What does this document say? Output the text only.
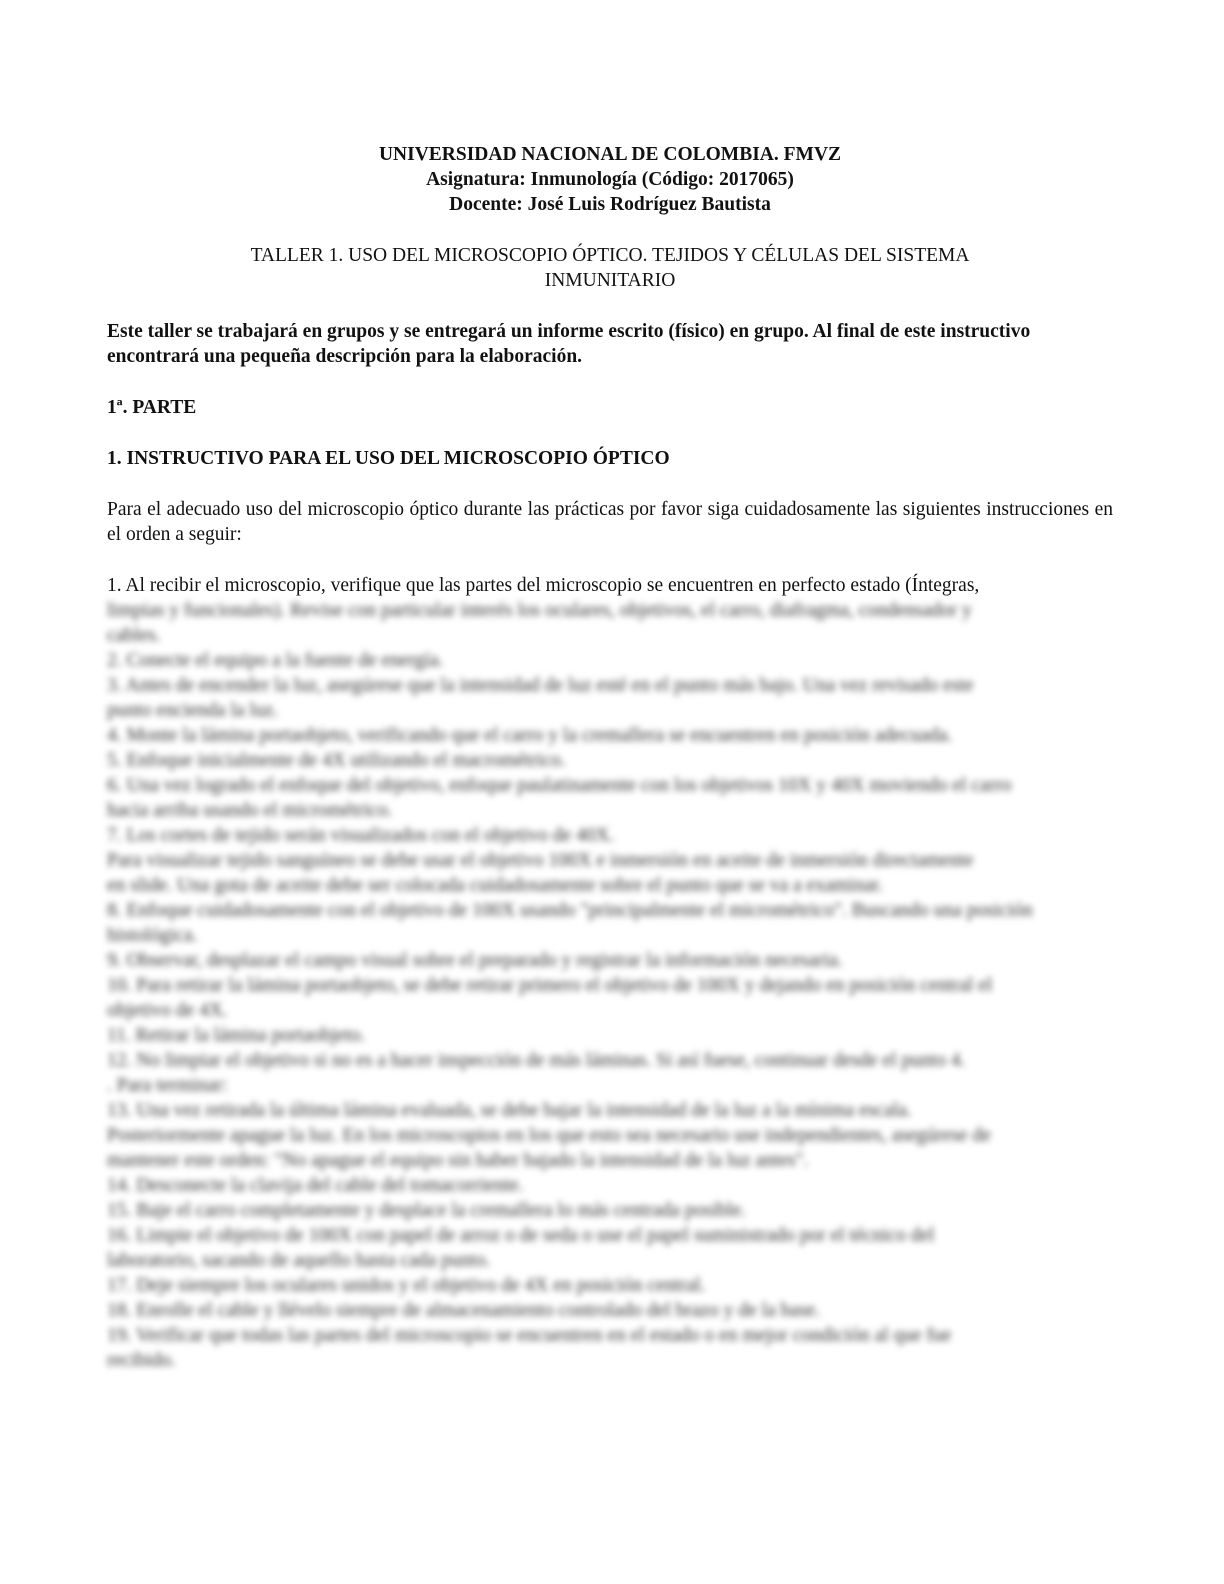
UNIVERSIDAD NACIONAL DE COLOMBIA. FMVZ
Asignatura: Inmunología (Código: 2017065)
Docente: José Luis Rodríguez Bautista
TALLER 1. USO DEL MICROSCOPIO ÓPTICO. TEJIDOS Y CÉLULAS DEL SISTEMA
INMUNITARIO
Este taller se trabajará en grupos y se entregará un informe escrito (físico) en grupo. Al final de este instructivo encontrará una pequeña descripción para la elaboración.
1ª. PARTE
1. INSTRUCTIVO PARA EL USO DEL MICROSCOPIO ÓPTICO
Para el adecuado uso del microscopio óptico durante las prácticas por favor siga cuidadosamente las siguientes instrucciones en el orden a seguir:
1. Al recibir el microscopio, verifique que las partes del microscopio se encuentren en perfecto estado (Íntegras,
limpias y funcionales). Revise con particular interés los oculares, objetivos, el carro, diafragma, condensador y
cables.
2. Conecte el equipo a la fuente de energía.
3. Antes de encender la luz, asegúrese que la intensidad de luz esté en el punto más bajo. Una vez revisado este
punto encienda la luz.
4. Monte la lámina portaobjeto, verificando que el carro y la cremallera se encuentren en posición adecuada.
5. Enfoque inicialmente de 4X utilizando el macrométrico.
6. Una vez logrado el enfoque del objetivo, enfoque paulatinamente con los objetivos 10X y 40X moviendo el carro
hacia arriba usando el micrométrico.
7. Los cortes de tejido serán visualizados con el objetivo de 40X.
Para visualizar tejido sanguíneo se debe usar el objetivo 100X e inmersión en aceite de inmersión directamente
en slide. Una gota de aceite debe ser colocada cuidadosamente sobre el punto que se va a examinar.
8. Enfoque cuidadosamente con el objetivo de 100X usando "principalmente el micrométrico". Buscando una posición
histológica.
9. Observar, desplazar el campo visual sobre el preparado y registrar la información necesaria.
10. Para retirar la lámina portaobjeto, se debe retirar primero el objetivo de 100X y dejando en posición central el
objetivo de 4X.
11. Retirar la lámina portaobjeto.
12. No limpiar el objetivo si no es a hacer inspección de más láminas. Si así fuese, continuar desde el punto 4.
. Para terminar:
13. Una vez retirada la última lámina evaluada, se debe bajar la intensidad de la luz a la mínima escala.
Posteriormente apague la luz. En los microscopios en los que esto sea necesario use independientes, asegúrese de
mantener este orden: "No apague el equipo sin haber bajado la intensidad de la luz antes".
14. Desconecte la clavija del cable del tomacorriente.
15. Baje el carro completamente y desplace la cremallera lo más centrada posible.
16. Limpie el objetivo de 100X con papel de arroz o de seda o use el papel suministrado por el técnico del
laboratorio, sacando de aquello hasta cada punto.
17. Deje siempre los oculares unidos y el objetivo de 4X en posición central.
18. Enrolle el cable y llévelo siempre de almacenamiento controlado del brazo y de la base.
19. Verificar que todas las partes del microscopio se encuentren en el estado o en mejor condición al que fue
recibido.
